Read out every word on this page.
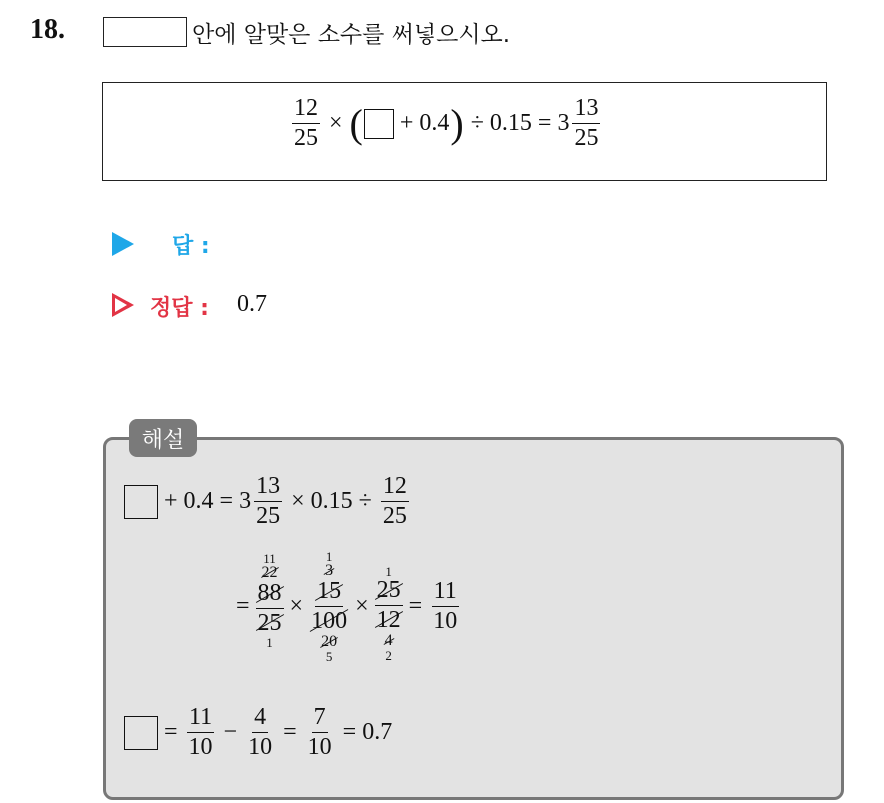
18.	안에 알맞은 소수를 써넣으시오.
$\frac{12}{25}$ × ( + 0.4 ) ÷ $0.15 = 3 \frac{13}{25}$
답 :
정답 : 0.7
해설
+ $0.4 = 3 \frac{13}{25} \times 0.15 \div \frac{12}{25}$
=
11
22
$\frac{88}{25}$
1
×
1
3
$\frac{15}{100}$
20
5
×
1
$\frac{25}{12}$
4
2
= $\frac{11}{10}$
= $\frac{11}{10} - \frac{4}{10} = \frac{7}{10} = 0.7$
